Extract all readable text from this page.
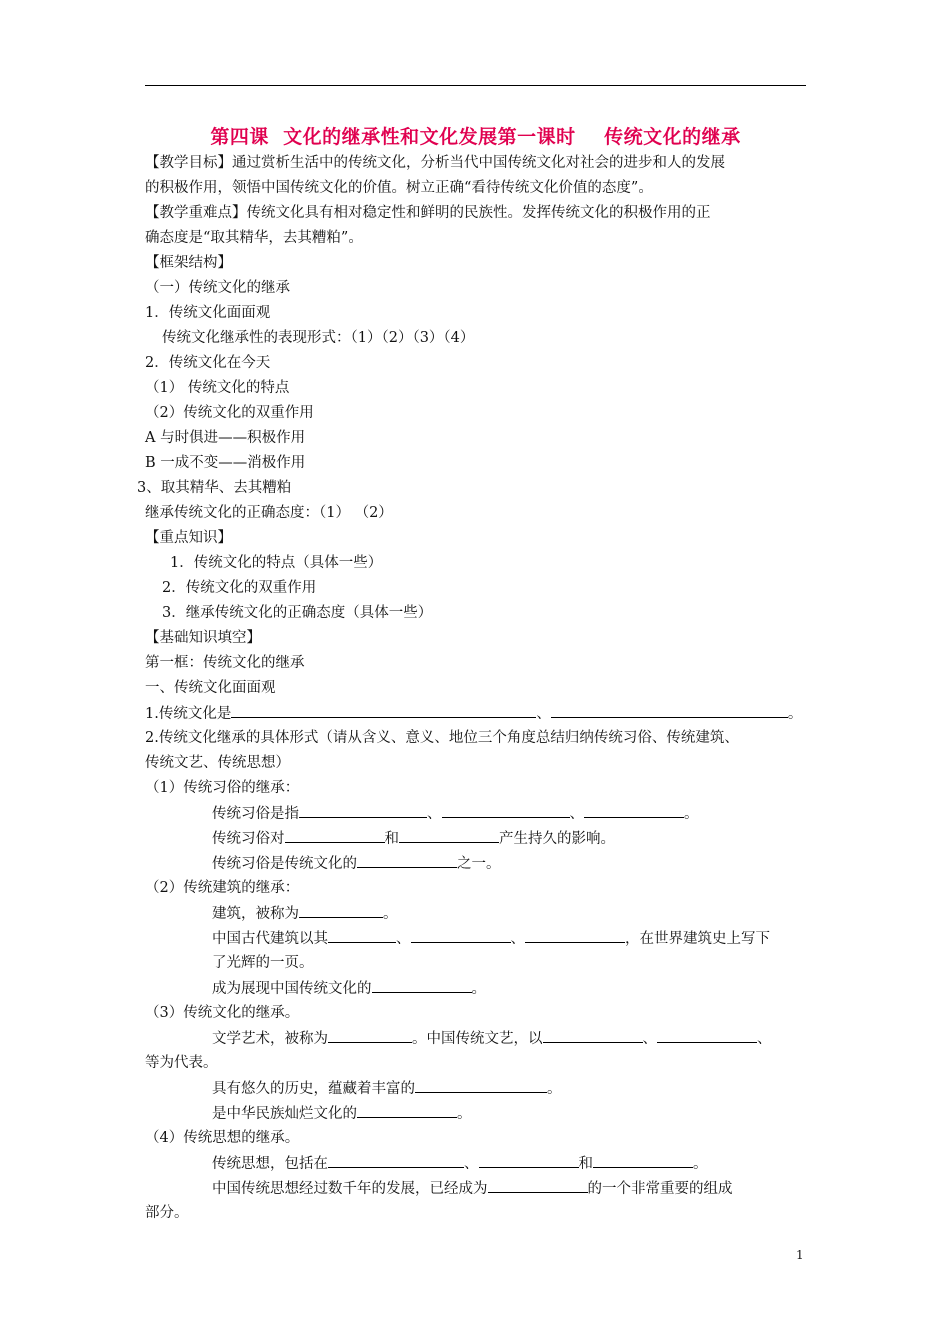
第四课  文化的继承性和文化发展第一课时    传统文化的继承
【教学目标】通过赏析生活中的传统文化，分析当代中国传统文化对社会的进步和人的发展
的积极作用，领悟中国传统文化的价值。树立正确“看待传统文化价值的态度”。
【教学重难点】传统文化具有相对稳定性和鲜明的民族性。发挥传统文化的积极作用的正
确态度是“取其精华，去其糟粕”。
【框架结构】
（一）传统文化的继承
1．传统文化面面观
传统文化继承性的表现形式：（1）（2）（3）（4）
2．传统文化在今天
（1） 传统文化的特点
（2）传统文化的双重作用
A 与时俱进——积极作用
B 一成不变——消极作用
3、取其精华、去其糟粕
继承传统文化的正确态度：（1） （2）
【重点知识】
1．传统文化的特点（具体一些）
2．传统文化的双重作用
3．继承传统文化的正确态度（具体一些）
【基础知识填空】
第一框：传统文化的继承
一、传统文化面面观
1.传统文化是	、	。
2.传统文化继承的具体形式（请从含义、意义、地位三个角度总结归纳传统习俗、传统建筑、
传统文艺、传统思想）
（1）传统习俗的继承：
传统习俗是指	、	、	。
传统习俗对	和	产生持久的影响。
传统习俗是传统文化的	之一。
（2）传统建筑的继承：
建筑，被称为	。
中国古代建筑以其	、	、	，在世界建筑史上写下
了光辉的一页。
成为展现中国传统文化的	。
（3）传统文化的继承。
文学艺术，被称为	。中国传统文艺，以	、	、
等为代表。
具有悠久的历史，蕴藏着丰富的	。
是中华民族灿烂文化的	。
（4）传统思想的继承。
传统思想，包括在	、	和	。
中国传统思想经过数千年的发展，已经成为	的一个非常重要的组成
部分。
1
